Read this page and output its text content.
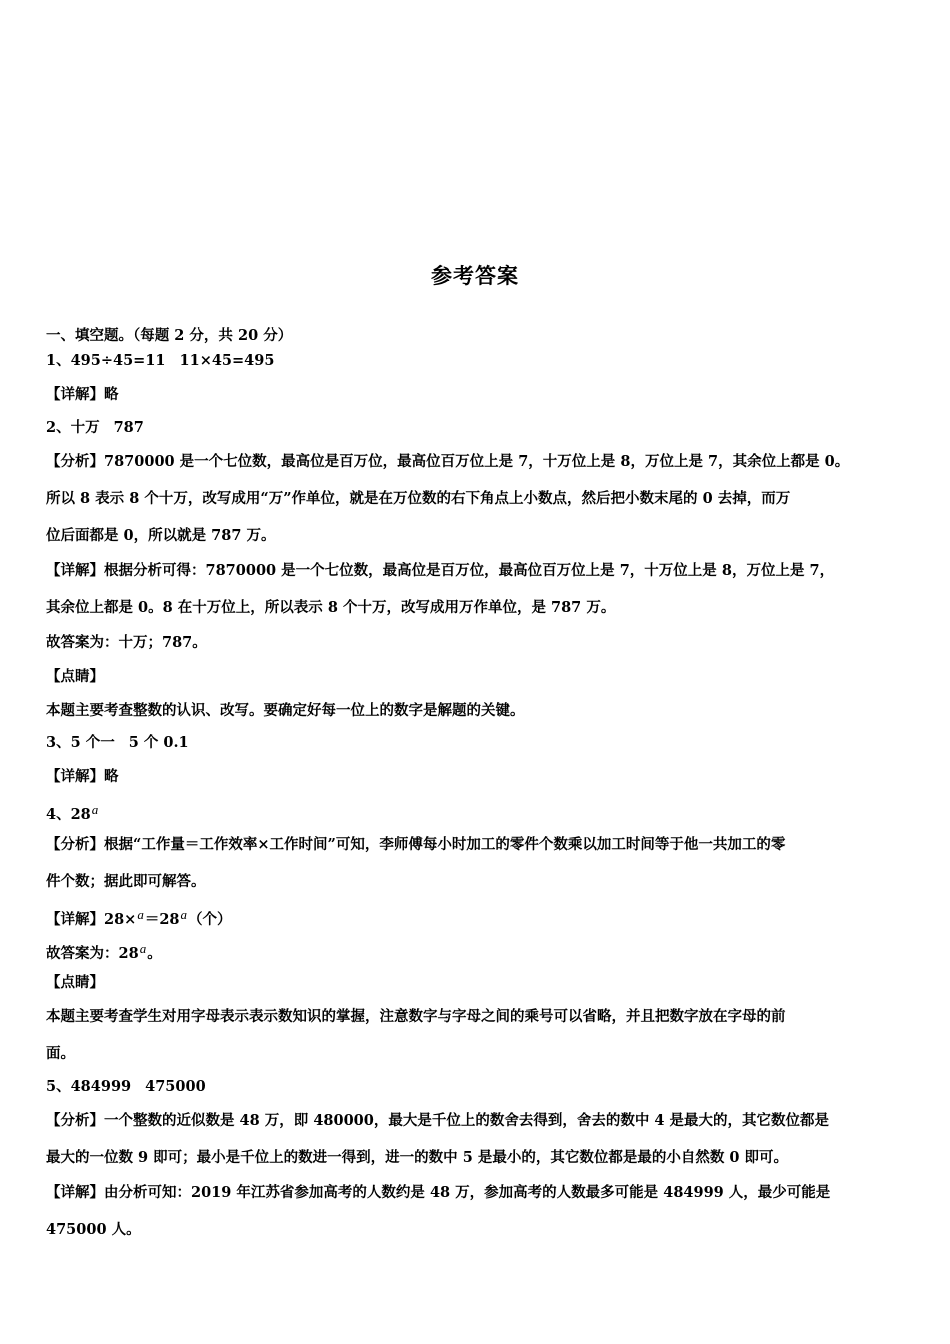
参考答案
一、填空题。（每题 2 分，共 20 分）
1、495÷45=11 11×45=495
【详解】略
2、十万 787
【分析】7870000 是一个七位数，最高位是百万位，最高位百万位上是 7，十万位上是 8，万位上是 7，其余位上都是 0。
所以 8 表示 8 个十万，改写成用“万”作单位，就是在万位数的右下角点上小数点，然后把小数末尾的 0 去掉，而万
位后面都是 0，所以就是 787 万。
【详解】根据分析可得：7870000 是一个七位数，最高位是百万位，最高位百万位上是 7，十万位上是 8，万位上是 7，
其余位上都是 0。8 在十万位上，所以表示 8 个十万，改写成用万作单位，是 787 万。
故答案为：十万；787。
【点睛】
本题主要考查整数的认识、改写。要确定好每一位上的数字是解题的关键。
3、5 个一 5 个 0.1
【详解】略
4、28a
【分析】根据“工作量＝工作效率×工作时间”可知，李师傅每小时加工的零件个数乘以加工时间等于他一共加工的零
件个数；据此即可解答。
【详解】28×a＝28a（个）
故答案为：28a。
【点睛】
本题主要考查学生对用字母表示表示数知识的掌握，注意数字与字母之间的乘号可以省略，并且把数字放在字母的前
面。
5、484999 475000
【分析】一个整数的近似数是 48 万，即 480000，最大是千位上的数舍去得到，舍去的数中 4 是最大的，其它数位都是
最大的一位数 9 即可；最小是千位上的数进一得到，进一的数中 5 是最小的，其它数位都是最的小自然数 0 即可。
【详解】由分析可知：2019 年江苏省参加高考的人数约是 48 万，参加高考的人数最多可能是 484999 人，最少可能是
475000 人。
